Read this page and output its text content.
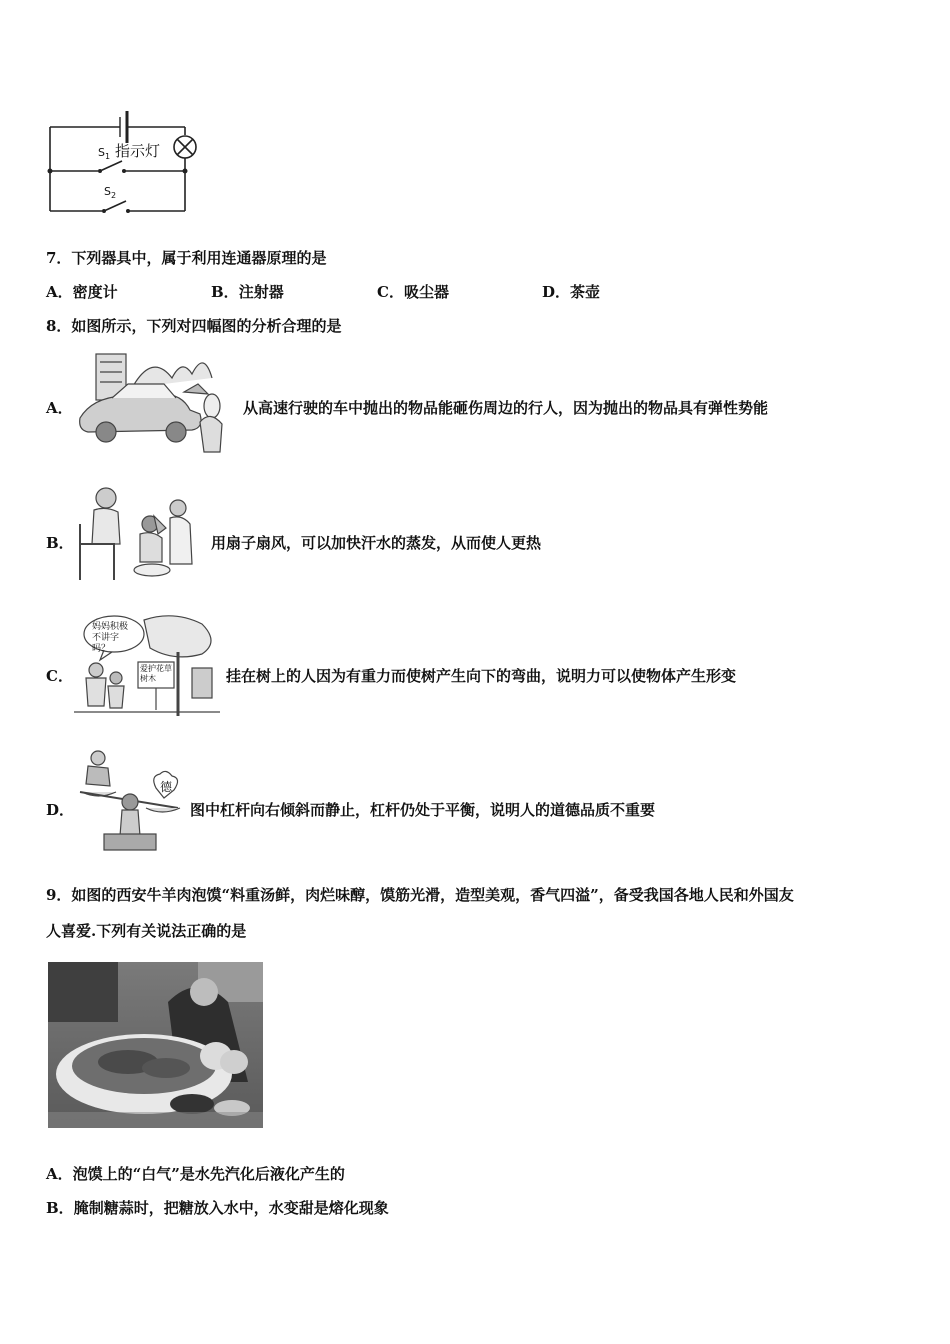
$S_1$ 指示灯
$S_2$
7．下列器具中，属于利用连通器原理的是
A．密度计	B．注射器	C．吸尘器	D．茶壶
8．如图所示，下列对四幅图的分析合理的是
A．	从高速行驶的车中抛出的物品能砸伤周边的行人，因为抛出的物品具有弹性势能
B．	用扇子扇风，可以加快汗水的蒸发，从而使人更热
C．
妈妈积极不讲字吗？
爱护花草树木	挂在树上的人因为有重力而使树产生向下的弯曲，说明力可以使物体产生形变
D．
德
图中杠杆向右倾斜而静止，杠杆仍处于平衡，说明人的道德品质不重要
9．如图的西安牛羊肉泡馍“料重汤鲜，肉烂味醇，馍筋光滑，造型美观，香气四溢”，备受我国各地人民和外国友
人喜爱.下列有关说法正确的是
A．泡馍上的“白气”是水先汽化后液化产生的
B．腌制糖蒜时，把糖放入水中，水变甜是熔化现象
